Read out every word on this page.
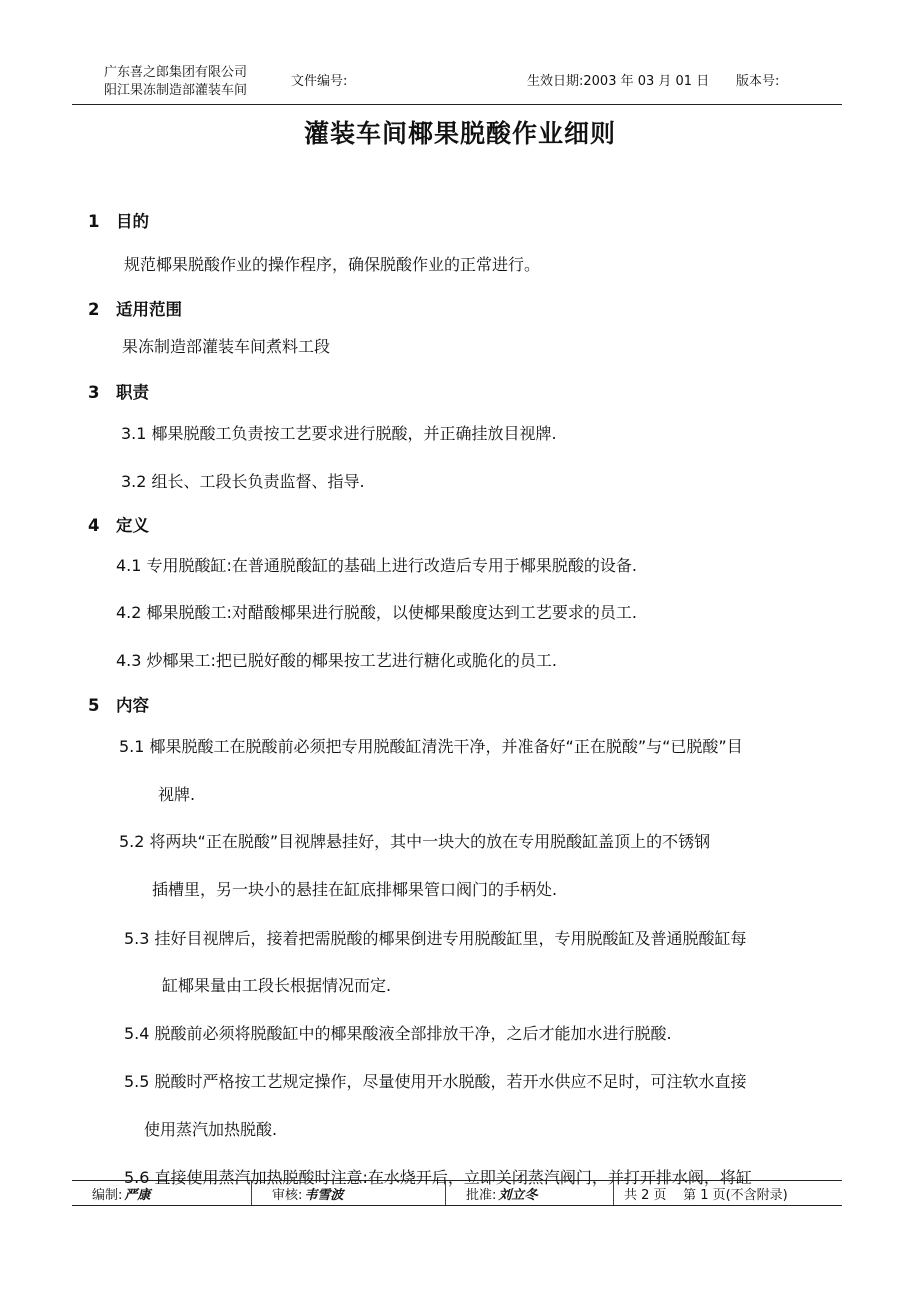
广东喜之郎集团有限公司
阳江果冻制造部灌装车间
文件编号:	生效日期:2003 年 03 月 01 日 版本号:
灌装车间椰果脱酸作业细则
1 目的
规范椰果脱酸作业的操作程序，确保脱酸作业的正常进行。
2 适用范围
果冻制造部灌装车间煮料工段
3 职责
3.1 椰果脱酸工负责按工艺要求进行脱酸，并正确挂放目视牌.
3.2 组长、工段长负责监督、指导.
4 定义
4.1 专用脱酸缸:在普通脱酸缸的基础上进行改造后专用于椰果脱酸的设备.
4.2 椰果脱酸工:对醋酸椰果进行脱酸，以使椰果酸度达到工艺要求的员工.
4.3 炒椰果工:把已脱好酸的椰果按工艺进行糖化或脆化的员工.
5 内容
5.1 椰果脱酸工在脱酸前必须把专用脱酸缸清洗干净，并准备好“正在脱酸”与“已脱酸”目
视牌.
5.2 将两块“正在脱酸”目视牌悬挂好，其中一块大的放在专用脱酸缸盖顶上的不锈钢
插槽里，另一块小的悬挂在缸底排椰果管口阀门的手柄处.
5.3 挂好目视牌后，接着把需脱酸的椰果倒进专用脱酸缸里，专用脱酸缸及普通脱酸缸每
缸椰果量由工段长根据情况而定.
5.4 脱酸前必须将脱酸缸中的椰果酸液全部排放干净，之后才能加水进行脱酸.
5.5 脱酸时严格按工艺规定操作，尽量使用开水脱酸，若开水供应不足时，可注软水直接
使用蒸汽加热脱酸.
5.6 直接使用蒸汽加热脱酸时注意:在水烧开后，立即关闭蒸汽阀门，并打开排水阀，将缸
编制: 严康	审核: 韦雪波	批准: 刘立冬	共 2 页    第 1 页(不含附录)
